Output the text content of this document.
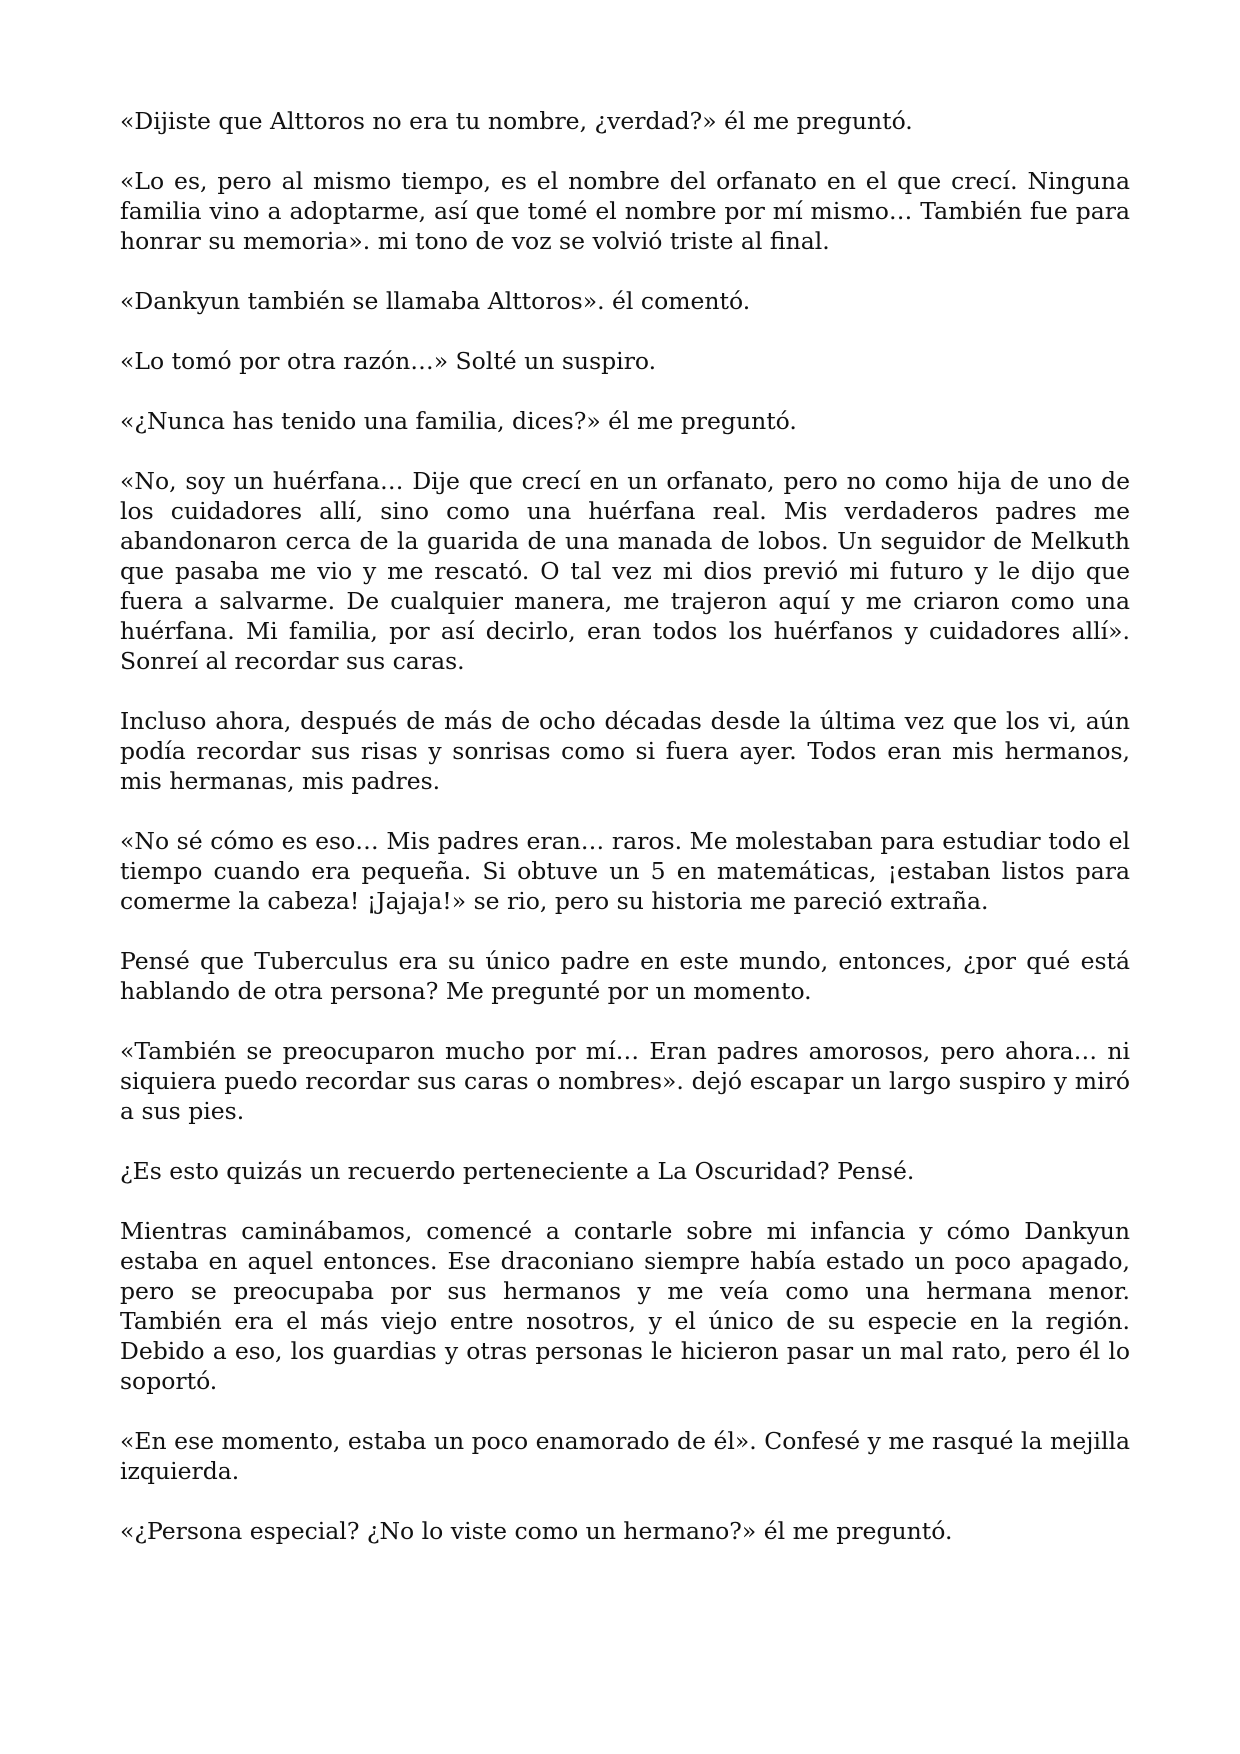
«Dijiste que Alttoros no era tu nombre, ¿verdad?» él me preguntó.

«Lo es, pero al mismo tiempo, es el nombre del orfanato en el que crecí. Ninguna familia vino a adoptarme, así que tomé el nombre por mí mismo… También fue para honrar su memoria». mi tono de voz se volvió triste al final.

«Dankyun también se llamaba Alttoros». él comentó.

«Lo tomó por otra razón…» Solté un suspiro.

«¿Nunca has tenido una familia, dices?» él me preguntó.

«No, soy un huérfana… Dije que crecí en un orfanato, pero no como hija de uno de los cuidadores allí, sino como una huérfana real. Mis verdaderos padres me abandonaron cerca de la guarida de una manada de lobos. Un seguidor de Melkuth que pasaba me vio y me rescató. O tal vez mi dios previó mi futuro y le dijo que fuera a salvarme. De cualquier manera, me trajeron aquí y me criaron como una huérfana. Mi familia, por así decirlo, eran todos los huérfanos y cuidadores allí». Sonreí al recordar sus caras.

Incluso ahora, después de más de ocho décadas desde la última vez que los vi, aún podía recordar sus risas y sonrisas como si fuera ayer. Todos eran mis hermanos, mis hermanas, mis padres.

«No sé cómo es eso… Mis padres eran… raros. Me molestaban para estudiar todo el tiempo cuando era pequeña. Si obtuve un 5 en matemáticas, ¡estaban listos para comerme la cabeza! ¡Jajaja!» se rio, pero su historia me pareció extraña.

Pensé que Tuberculus era su único padre en este mundo, entonces, ¿por qué está hablando de otra persona? Me pregunté por un momento.

«También se preocuparon mucho por mí… Eran padres amorosos, pero ahora… ni siquiera puedo recordar sus caras o nombres». dejó escapar un largo suspiro y miró a sus pies.

¿Es esto quizás un recuerdo perteneciente a La Oscuridad? Pensé.

Mientras caminábamos, comencé a contarle sobre mi infancia y cómo Dankyun estaba en aquel entonces. Ese draconiano siempre había estado un poco apagado, pero se preocupaba por sus hermanos y me veía como una hermana menor. También era el más viejo entre nosotros, y el único de su especie en la región. Debido a eso, los guardias y otras personas le hicieron pasar un mal rato, pero él lo soportó.

«En ese momento, estaba un poco enamorado de él». Confesé y me rasqué la mejilla izquierda.

«¿Persona especial? ¿No lo viste como un hermano?» él me preguntó.
